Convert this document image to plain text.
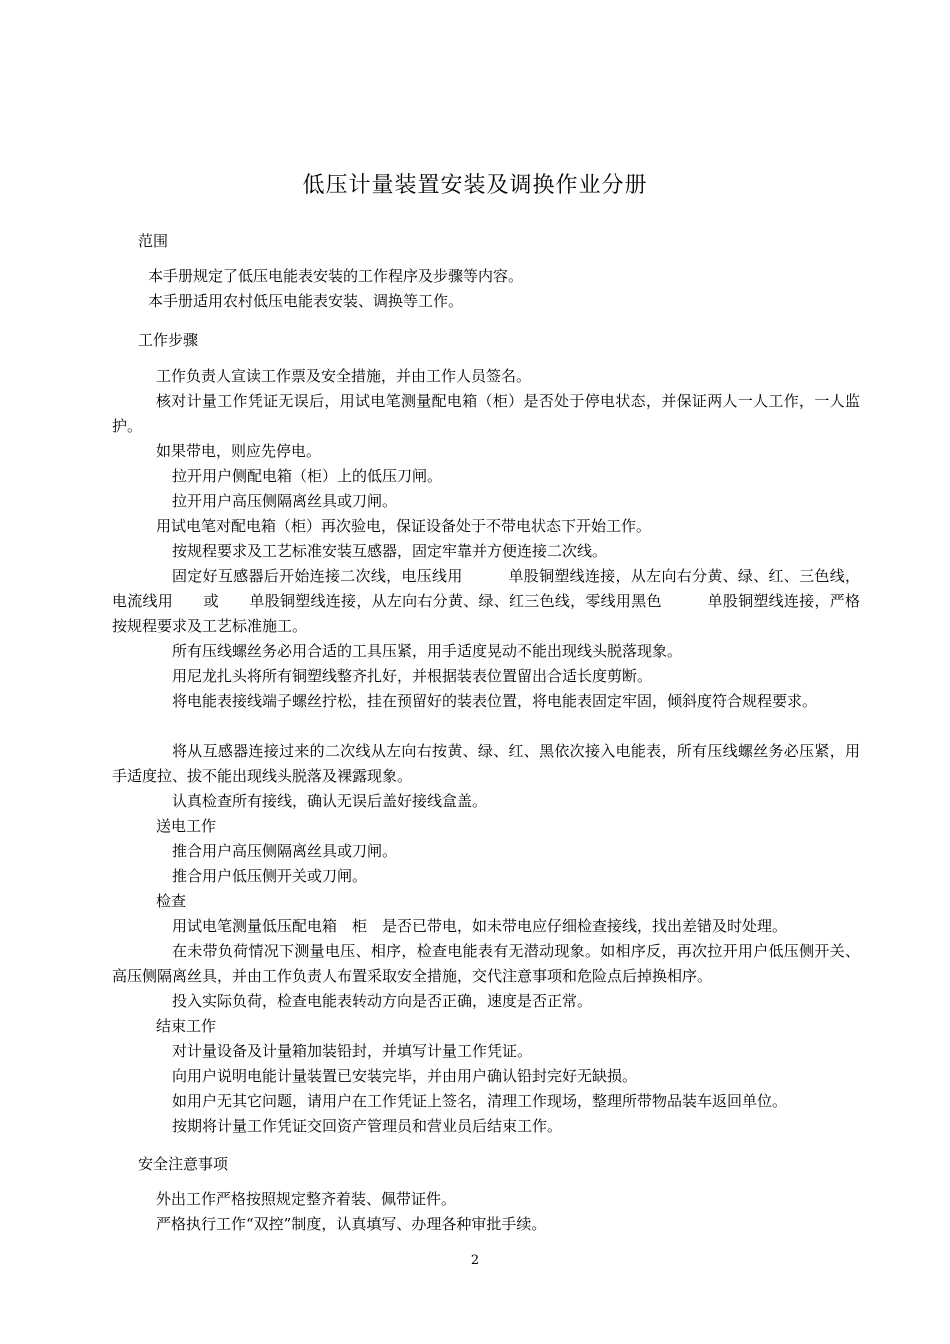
低压计量装置安装及调换作业分册
范围
本手册规定了低压电能表安装的工作程序及步骤等内容。
本手册适用农村低压电能表安装、调换等工作。
工作步骤
工作负责人宣读工作票及安全措施，并由工作人员签名。
核对计量工作凭证无误后，用试电笔测量配电箱（柜）是否处于停电状态，并保证两人一人工作，一人监护。
如果带电，则应先停电。
拉开用户侧配电箱（柜）上的低压刀闸。
拉开用户高压侧隔离丝具或刀闸。
用试电笔对配电箱（柜）再次验电，保证设备处于不带电状态下开始工作。
按规程要求及工艺标准安装互感器，固定牢靠并方便连接二次线。
固定好互感器后开始连接二次线，电压线用　　　单股铜塑线连接，从左向右分黄、绿、红、三色线，电流线用　　或　　单股铜塑线连接，从左向右分黄、绿、红三色线，零线用黑色　　　单股铜塑线连接，严格按规程要求及工艺标准施工。
所有压线螺丝务必用合适的工具压紧，用手适度晃动不能出现线头脱落现象。
用尼龙扎头将所有铜塑线整齐扎好，并根据装表位置留出合适长度剪断。
将电能表接线端子螺丝拧松，挂在预留好的装表位置，将电能表固定牢固，倾斜度符合规程要求。
将从互感器连接过来的二次线从左向右按黄、绿、红、黑依次接入电能表，所有压线螺丝务必压紧，用手适度拉、拔不能出现线头脱落及裸露现象。
认真检查所有接线，确认无误后盖好接线盒盖。
送电工作
推合用户高压侧隔离丝具或刀闸。
推合用户低压侧开关或刀闸。
检查
用试电笔测量低压配电箱　柜　是否已带电，如未带电应仔细检查接线，找出差错及时处理。
在未带负荷情况下测量电压、相序，检查电能表有无潜动现象。如相序反，再次拉开用户低压侧开关、高压侧隔离丝具，并由工作负责人布置采取安全措施，交代注意事项和危险点后掉换相序。
投入实际负荷，检查电能表转动方向是否正确，速度是否正常。
结束工作
对计量设备及计量箱加装铅封，并填写计量工作凭证。
向用户说明电能计量装置已安装完毕，并由用户确认铅封完好无缺损。
如用户无其它问题，请用户在工作凭证上签名，清理工作现场，整理所带物品装车返回单位。
按期将计量工作凭证交回资产管理员和营业员后结束工作。
安全注意事项
外出工作严格按照规定整齐着装、佩带证件。
严格执行工作“双控”制度，认真填写、办理各种审批手续。
2
